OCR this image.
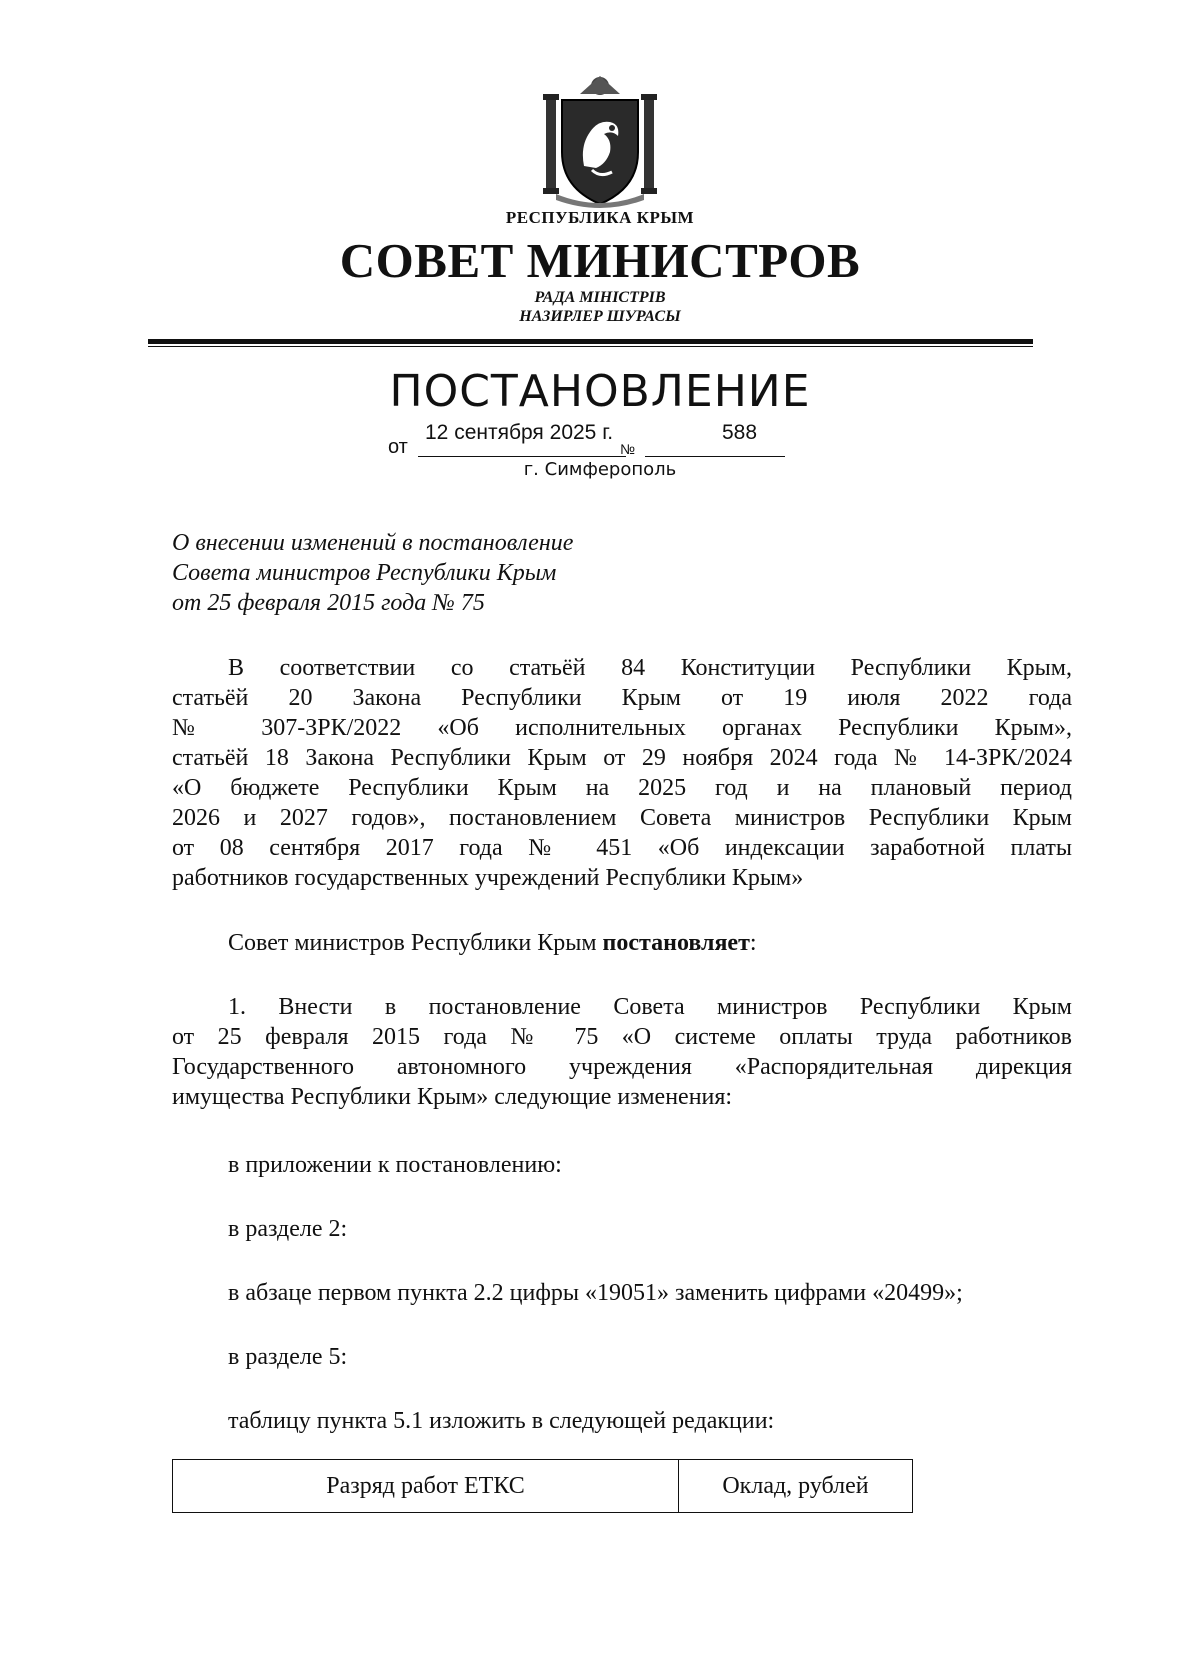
РЕСПУБЛИКА КРЫМ
СОВЕТ МИНИСТРОВ
РАДА МІНІСТРІВ
НАЗИРЛЕР ШУРАСЫ
ПОСТАНОВЛЕНИЕ
от
12 сентября 2025 г.
№
588
г. Симферополь
О внесении изменений в постановление
Совета министров Республики Крым
от 25 февраля 2015 года № 75
В соответствии со статьёй 84 Конституции Республики Крым,
статьёй 20 Закона Республики Крым от 19 июля 2022 года
№ 307-ЗРК/2022 «Об исполнительных органах Республики Крым»,
статьёй 18 Закона Республики Крым от 29 ноября 2024 года № 14-ЗРК/2024
«О бюджете Республики Крым на 2025 год и на плановый период
2026 и 2027 годов», постановлением Совета министров Республики Крым
от 08 сентября 2017 года № 451 «Об индексации заработной платы
работников государственных учреждений Республики Крым»
Совет министров Республики Крым постановляет:
1. Внести в постановление Совета министров Республики Крым
от 25 февраля 2015 года № 75 «О системе оплаты труда работников
Государственного автономного учреждения «Распорядительная дирекция
имущества Республики Крым» следующие изменения:
в приложении к постановлению:
в разделе 2:
в абзаце первом пункта 2.2 цифры «19051» заменить цифрами «20499»;
в разделе 5:
таблицу пункта 5.1 изложить в следующей редакции:
Разряд работ ЕТКС	Оклад, рублей
